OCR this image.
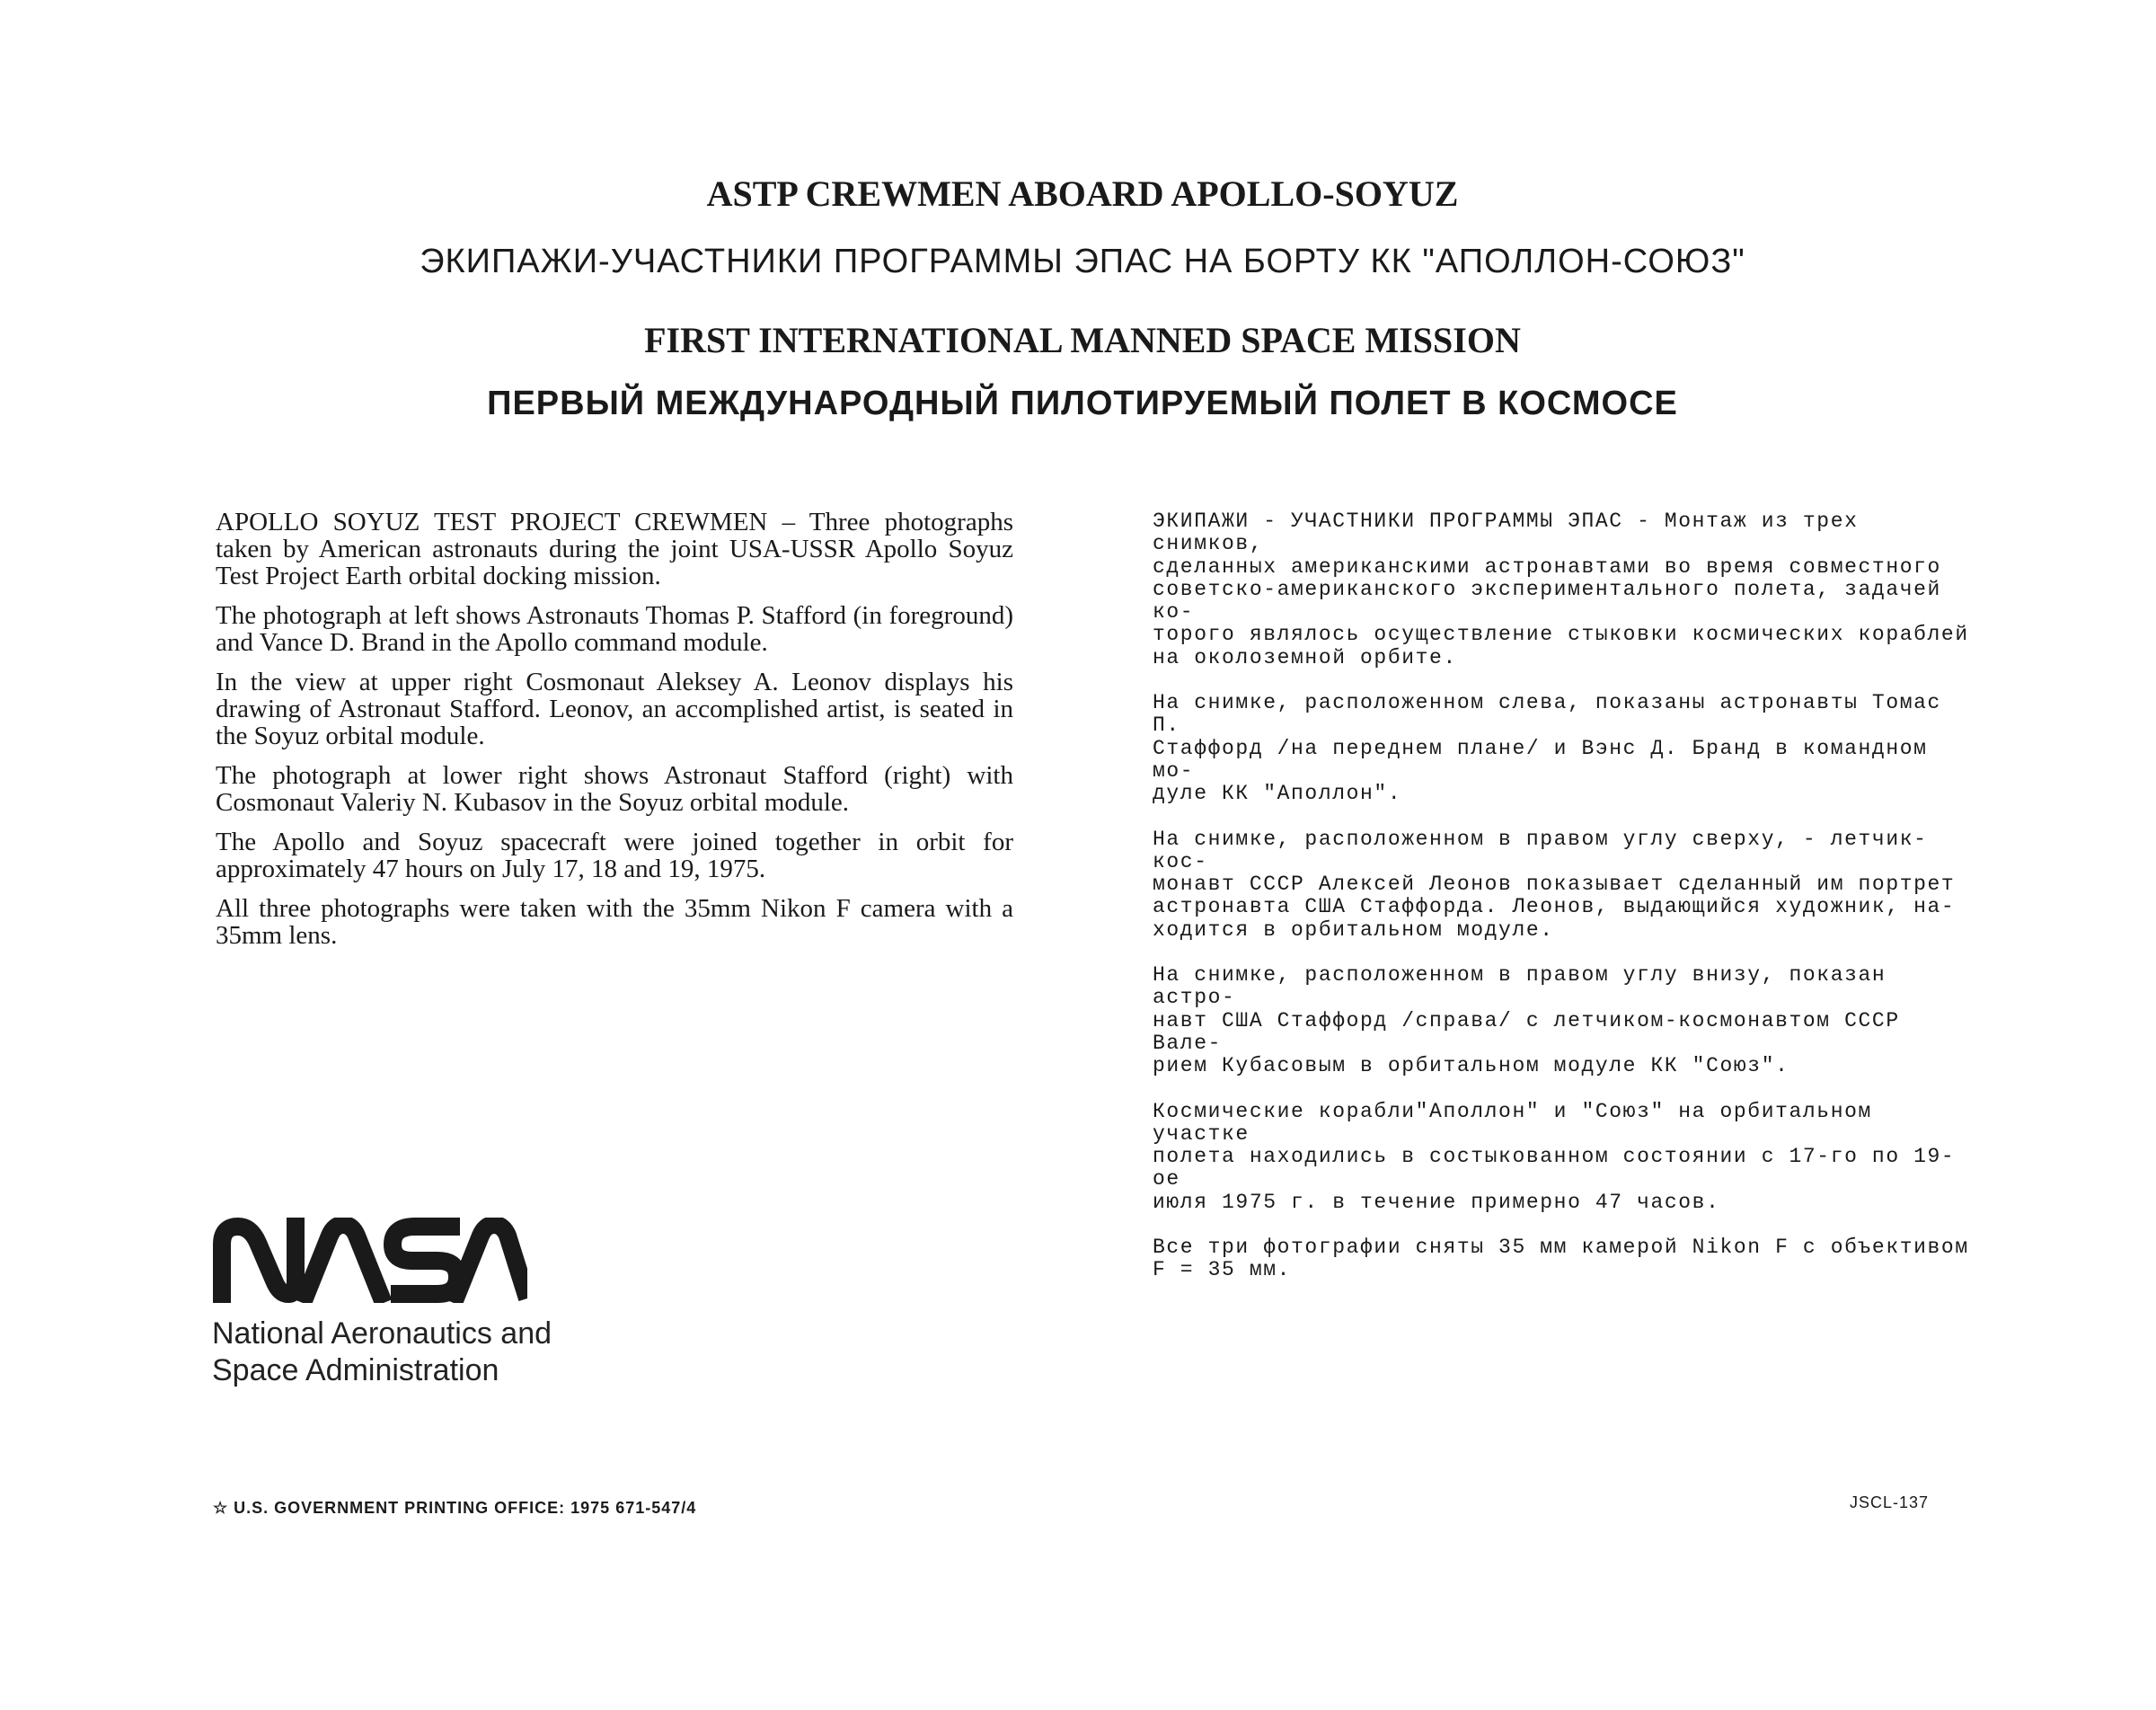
ASTP CREWMEN ABOARD APOLLO-SOYUZ
ЭКИПАЖИ-УЧАСТНИКИ ПРОГРАММЫ ЭПАС НА БОРТУ КК "АПОЛЛОН-СОЮЗ"
FIRST INTERNATIONAL MANNED SPACE MISSION
ПЕРВЫЙ МЕЖДУНАРОДНЫЙ ПИЛОТИРУЕМЫЙ ПОЛЕТ В КОСМОСЕ

APOLLO SOYUZ TEST PROJECT CREWMEN – Three photographs taken by American astronauts during the joint USA-USSR Apollo Soyuz Test Project Earth orbital docking mission.

The photograph at left shows Astronauts Thomas P. Stafford (in foreground) and Vance D. Brand in the Apollo command module.

In the view at upper right Cosmonaut Aleksey A. Leonov displays his drawing of Astronaut Stafford. Leonov, an accomplished artist, is seated in the Soyuz orbital module.

The photograph at lower right shows Astronaut Stafford (right) with Cosmonaut Valeriy N. Kubasov in the Soyuz orbital module.

The Apollo and Soyuz spacecraft were joined together in orbit for approximately 47 hours on July 17, 18 and 19, 1975.

All three photographs were taken with the 35mm Nikon F camera with a 35mm lens.

ЭКИПАЖИ - УЧАСТНИКИ ПРОГРАММЫ ЭПАС - Монтаж из трех снимков,
сделанных американскими астронавтами во время совместного
советско-американского экспериментального полета, задачей ко-
торого являлось осуществление стыковки космических кораблей
на околоземной орбите.

На снимке, расположенном слева, показаны астронавты Томас П.
Стаффорд /на переднем плане/ и Вэнс Д. Бранд в командном мо-
дуле КК "Аполлон".

На снимке, расположенном в правом углу сверху, - летчик-кос-
монавт СССР Алексей Леонов показывает сделанный им портрет
астронавта США Стаффорда. Леонов, выдающийся художник, на-
ходится в орбитальном модуле.

На снимке, расположенном в правом углу внизу, показан астро-
навт США Стаффорд /справа/ с летчиком-космонавтом СССР Вале-
рием Кубасовым в орбитальном модуле КК "Союз".

Космические корабли"Аполлон" и "Союз" на орбитальном участке
полета находились в состыкованном состоянии с 17-го по 19-ое
июля 1975 г. в течение примерно 47 часов.

Все три фотографии сняты 35 мм камерой Nikon F с объективом
F = 35 мм.

National Aeronautics and
Space Administration
☆ U.S. GOVERNMENT PRINTING OFFICE: 1975 671-547/4	JSCL-137
